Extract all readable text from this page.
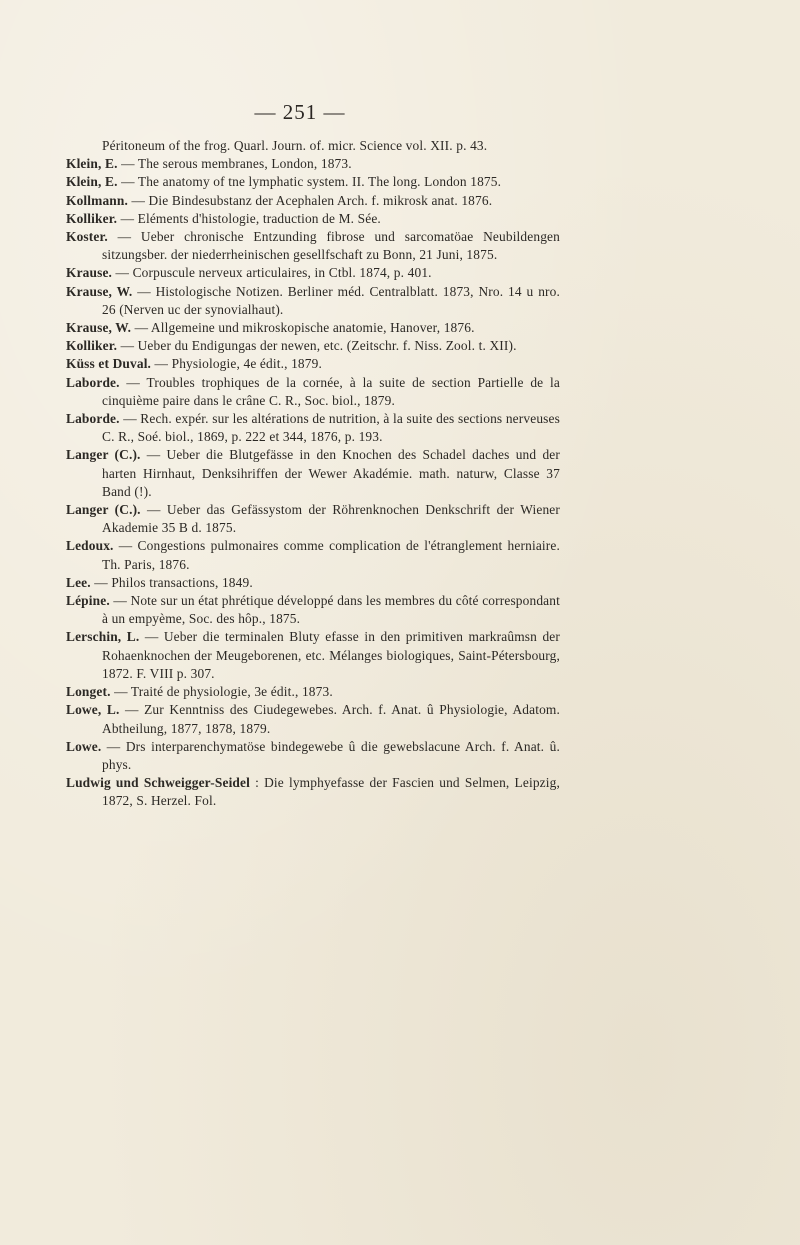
— 251 —
Péritoneum of the frog. Quarl. Journ. of. micr. Science vol. XII. p. 43.
Klein, E. — The serous membranes, London, 1873.
Klein, E. — The anatomy of tne lymphatic system. II. The long. London 1875.
Kollmann. — Die Bindesubstanz der Acephalen Arch. f. mikrosk anat. 1876.
Kolliker. — Eléments d'histologie, traduction de M. Sée.
Koster. — Ueber chronische Entzunding fibrose und sarcomatöae Neubildengen sitzungsber. der niederrheinischen gesellfschaft zu Bonn, 21 Juni, 1875.
Krause. — Corpuscule nerveux articulaires, in Ctbl. 1874, p. 401.
Krause, W. — Histologische Notizen. Berliner méd. Centralblatt. 1873, Nro. 14 u nro. 26 (Nerven uc der synovialhaut).
Krause, W. — Allgemeine und mikroskopische anatomie, Hanover, 1876.
Kolliker. — Ueber du Endigungas der newen, etc. (Zeitschr. f. Niss. Zool. t. XII).
Küss et Duval. — Physiologie, 4e édit., 1879.
Laborde. — Troubles trophiques de la cornée, à la suite de section Partielle de la cinquième paire dans le crâne C. R., Soc. biol., 1879.
Laborde. — Rech. expér. sur les altérations de nutrition, à la suite des sections nerveuses C. R., Soé. biol., 1869, p. 222 et 344, 1876, p. 193.
Langer (C.). — Ueber die Blutgefässe in den Knochen des Schadel daches und der harten Hirnhaut, Denksihriffen der Wewer Akadémie. math. naturw, Classe 37 Band (!).
Langer (C.). — Ueber das Gefässystom der Röhrenknochen Denkschrift der Wiener Akademie 35 B d. 1875.
Ledoux. — Congestions pulmonaires comme complication de l'étranglement herniaire. Th. Paris, 1876.
Lee. — Philos transactions, 1849.
Lépine. — Note sur un état phrétique développé dans les membres du côté correspondant à un empyème, Soc. des hôp., 1875.
Lerschin, L. — Ueber die terminalen Bluty efasse in den primitiven markraûmsn der Rohaenknochen der Meugeborenen, etc. Mélanges biologiques, Saint-Pétersbourg, 1872. F. VIII p. 307.
Longet. — Traité de physiologie, 3e édit., 1873.
Lowe, L. — Zur Kenntniss des Ciudegewebes. Arch. f. Anat. û Physiologie, Adatom. Abtheilung, 1877, 1878, 1879.
Lowe. — Drs interparenchymatöse bindegewebe û die gewebslacune Arch. f. Anat. û. phys.
Ludwig und Schweigger-Seidel : Die lymphyefasse der Fascien und Selmen, Leipzig, 1872, S. Herzel. Fol.
